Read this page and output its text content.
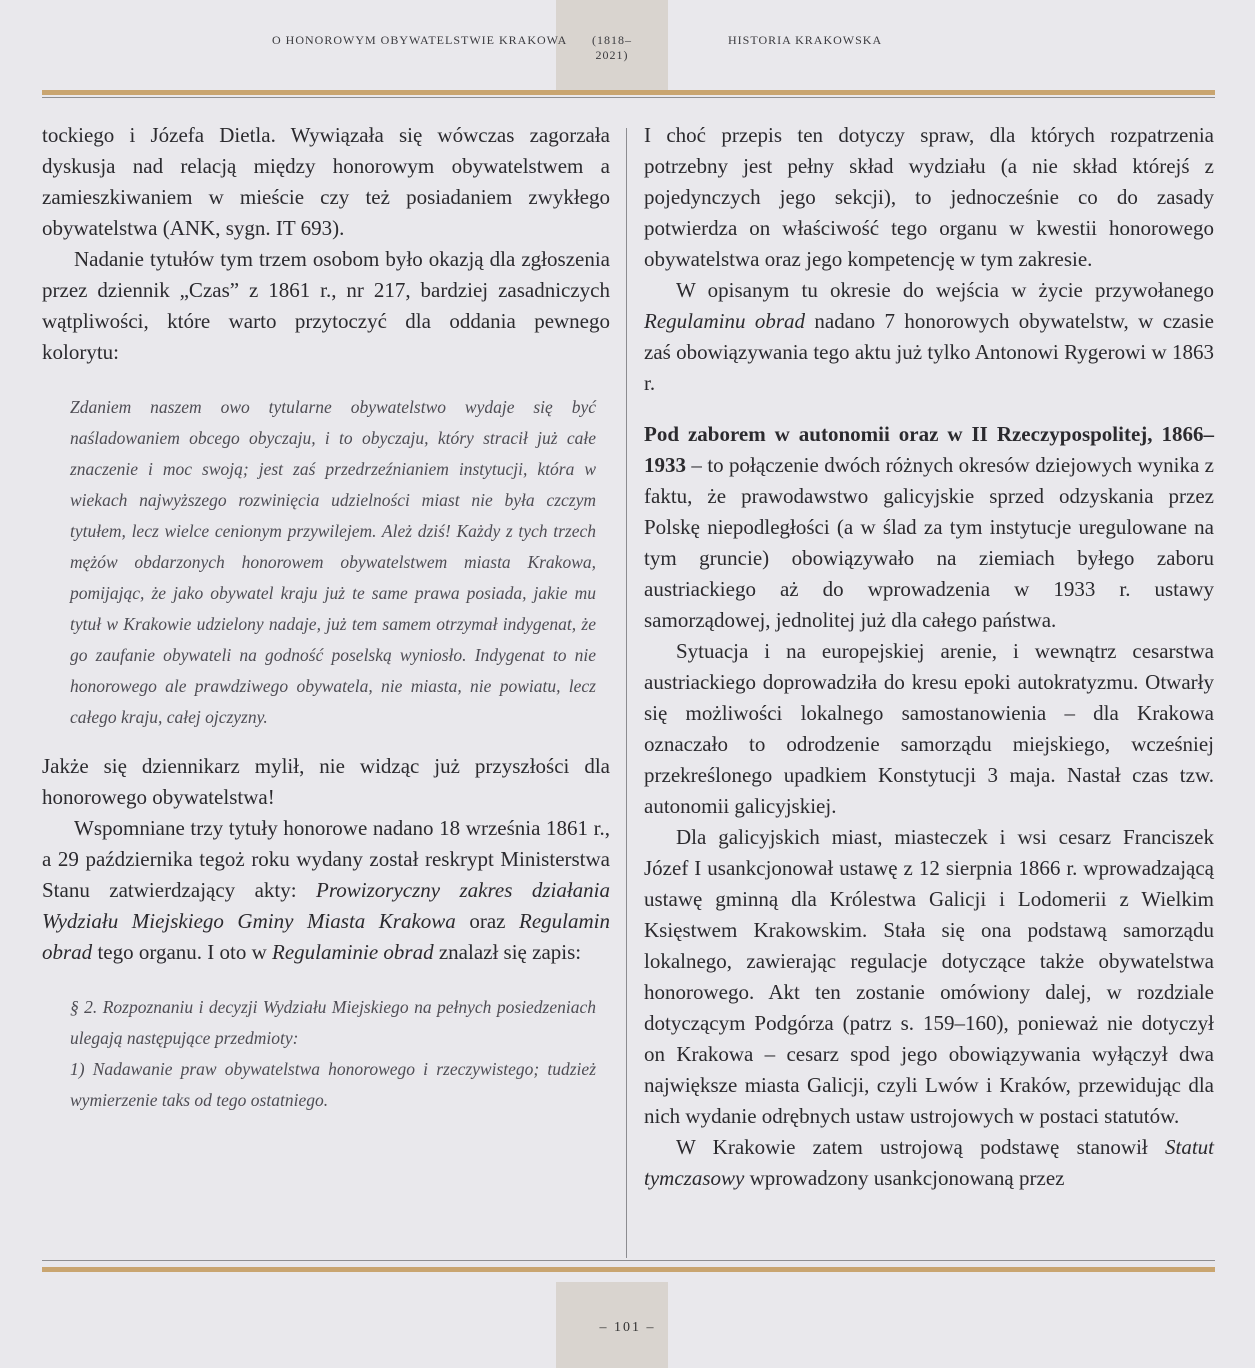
O HONOROWYM OBYWATELSTWIE KRAKOWA	(1818–2021)
HISTORIA KRAKOWSKA

tockiego i Józefa Dietla. Wywiązała się wówczas zagorzała dyskusja nad relacją między honorowym obywatelstwem a zamieszkiwaniem w mieście czy też posiadaniem zwykłego obywatelstwa (ANK, sygn. IT 693).

Nadanie tytułów tym trzem osobom było okazją dla zgłoszenia przez dziennik „Czas” z 1861 r., nr 217, bardziej zasadniczych wątpliwości, które warto przytoczyć dla oddania pewnego kolorytu:

Zdaniem naszem owo tytularne obywatelstwo wydaje się być naśladowaniem obcego obyczaju, i to obyczaju, który stracił już całe znaczenie i moc swoją; jest zaś przedrzeźnianiem instytucji, która w wiekach najwyższego rozwinięcia udzielności miast nie była czczym tytułem, lecz wielce cenionym przywilejem. Ależ dziś! Każdy z tych trzech mężów obdarzonych honorowem obywatelstwem miasta Krakowa, pomijając, że jako obywatel kraju już te same prawa posiada, jakie mu tytuł w Krakowie udzielony nadaje, już tem samem otrzymał indygenat, że go zaufanie obywateli na godność poselską wyniosło. Indygenat to nie honorowego ale prawdziwego obywatela, nie miasta, nie powiatu, lecz całego kraju, całej ojczyzny.

Jakże się dziennikarz mylił, nie widząc już przyszłości dla honorowego obywatelstwa!

Wspomniane trzy tytuły honorowe nadano 18 września 1861 r., a 29 października tegoż roku wydany został reskrypt Ministerstwa Stanu zatwierdzający akty: Prowizoryczny zakres działania Wydziału Miejskiego Gminy Miasta Krakowa oraz Regulamin obrad tego organu. I oto w Regulaminie obrad znalazł się zapis:

§ 2. Rozpoznaniu i decyzji Wydziału Miejskiego na pełnych posiedzeniach ulegają następujące przedmioty:
1) Nadawanie praw obywatelstwa honorowego i rzeczywistego; tudzież wymierzenie taks od tego ostatniego.

I choć przepis ten dotyczy spraw, dla których rozpatrzenia potrzebny jest pełny skład wydziału (a nie skład którejś z pojedynczych jego sekcji), to jednocześnie co do zasady potwierdza on właściwość tego organu w kwestii honorowego obywatelstwa oraz jego kompetencję w tym zakresie.

W opisanym tu okresie do wejścia w życie przywołanego Regulaminu obrad nadano 7 honorowych obywatelstw, w czasie zaś obowiązywania tego aktu już tylko Antonowi Rygerowi w 1863 r.

Pod zaborem w autonomii oraz w II Rzeczypospolitej, 1866–1933 – to połączenie dwóch różnych okresów dziejowych wynika z faktu, że prawodawstwo galicyjskie sprzed odzyskania przez Polskę niepodległości (a w ślad za tym instytucje uregulowane na tym gruncie) obowiązywało na ziemiach byłego zaboru austriackiego aż do wprowadzenia w 1933 r. ustawy samorządowej, jednolitej już dla całego państwa.

Sytuacja i na europejskiej arenie, i wewnątrz cesarstwa austriackiego doprowadziła do kresu epoki autokratyzmu. Otwarły się możliwości lokalnego samostanowienia – dla Krakowa oznaczało to odrodzenie samorządu miejskiego, wcześniej przekreślonego upadkiem Konstytucji 3 maja. Nastał czas tzw. autonomii galicyjskiej.

Dla galicyjskich miast, miasteczek i wsi cesarz Franciszek Józef I usankcjonował ustawę z 12 sierpnia 1866 r. wprowadzającą ustawę gminną dla Królestwa Galicji i Lodomerii z Wielkim Księstwem Krakowskim. Stała się ona podstawą samorządu lokalnego, zawierając regulacje dotyczące także obywatelstwa honorowego. Akt ten zostanie omówiony dalej, w rozdziale dotyczącym Podgórza (patrz s. 159–160), ponieważ nie dotyczył on Krakowa – cesarz spod jego obowiązywania wyłączył dwa największe miasta Galicji, czyli Lwów i Kraków, przewidując dla nich wydanie odrębnych ustaw ustrojowych w postaci statutów.

W Krakowie zatem ustrojową podstawę stanowił Statut tymczasowy wprowadzony usankcjonowaną przez

– 101 –
